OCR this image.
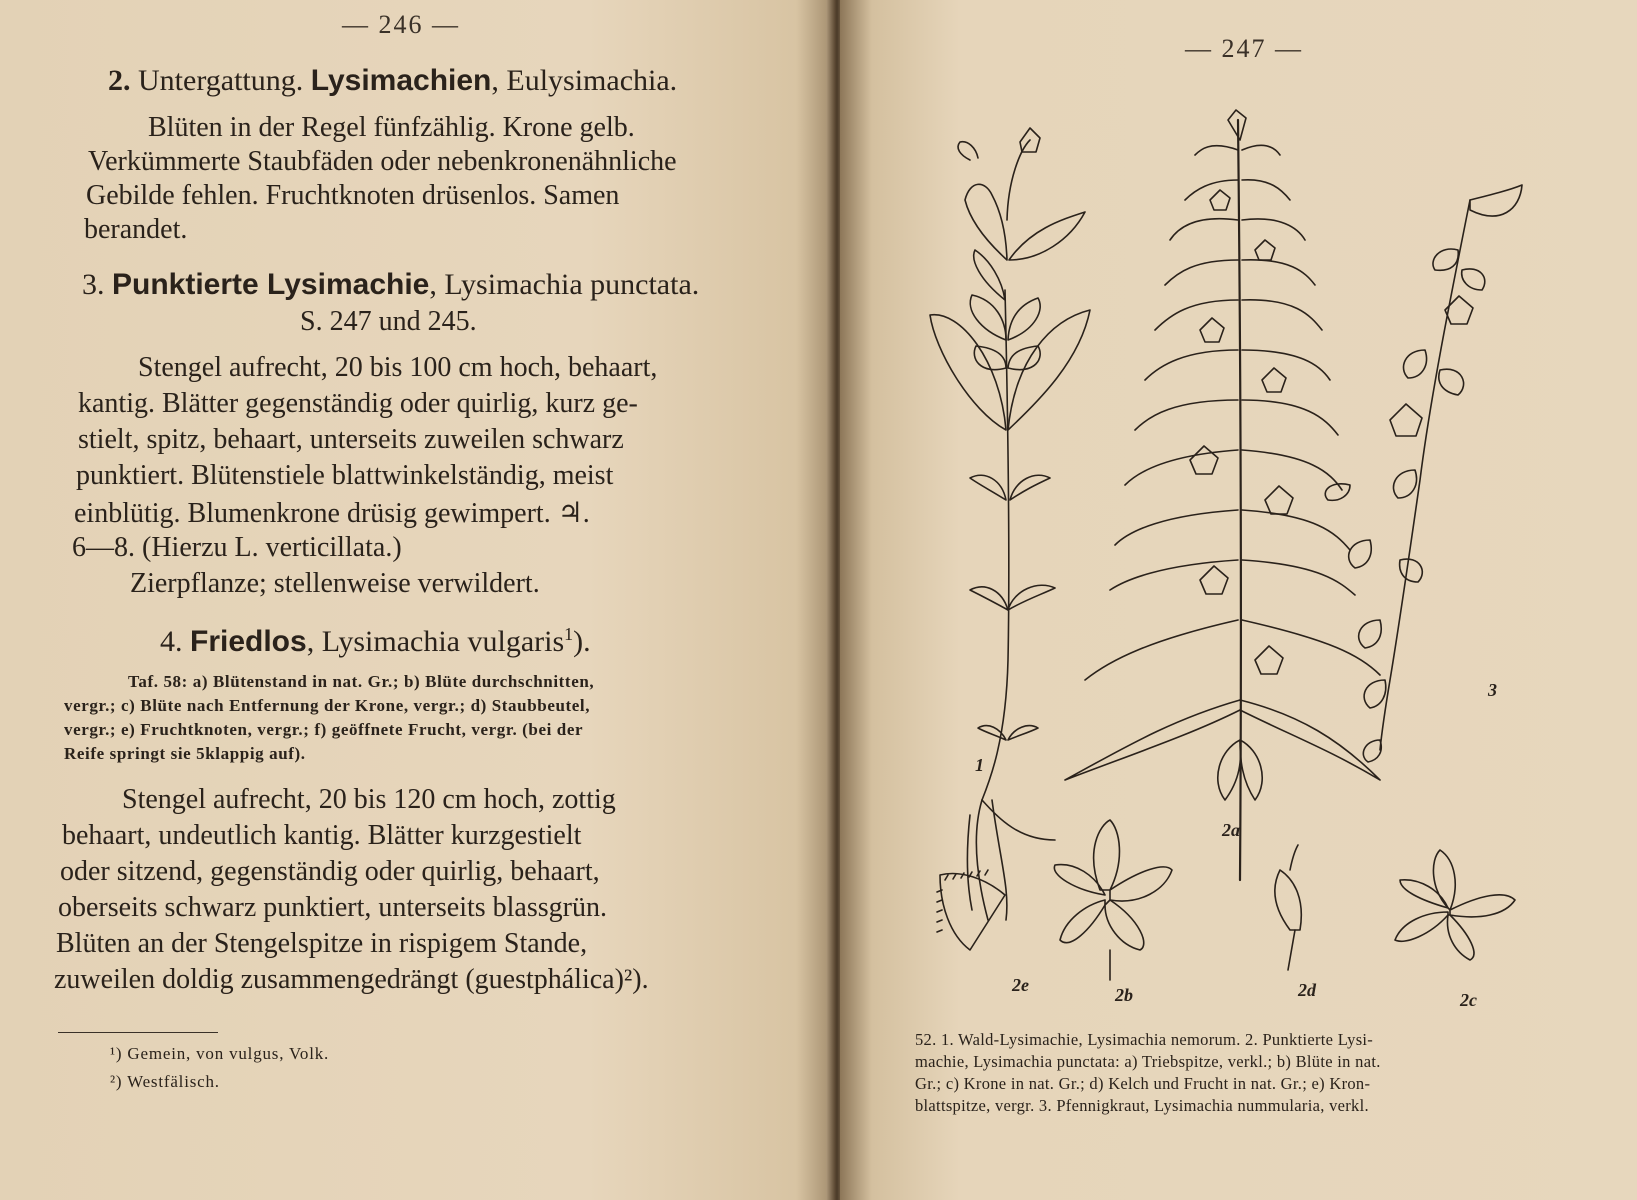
— 246 —
2. Untergattung. Lysimachien, Eulysimachia.
Blüten in der Regel fünfzählig. Krone gelb.
Verkümmerte Staubfäden oder nebenkronenähnliche
Gebilde fehlen. Fruchtknoten drüsenlos. Samen
berandet.
3. Punktierte Lysimachie, Lysimachia punctata.
S. 247 und 245.
Stengel aufrecht, 20 bis 100 cm hoch, behaart,
kantig. Blätter gegenständig oder quirlig, kurz ge-
stielt, spitz, behaart, unterseits zuweilen schwarz
punktiert. Blütenstiele blattwinkelständig, meist
einblütig. Blumenkrone drüsig gewimpert. ♃.
6—8. (Hierzu L. verticillata.)
Zierpflanze; stellenweise verwildert.
4. Friedlos, Lysimachia vulgaris$^1$).
Taf. 58: a) Blütenstand in nat. Gr.; b) Blüte durchschnitten,
vergr.; c) Blüte nach Entfernung der Krone, vergr.; d) Staubbeutel,
vergr.; e) Fruchtknoten, vergr.; f) geöffnete Frucht, vergr. (bei der
Reife springt sie 5klappig auf).
Stengel aufrecht, 20 bis 120 cm hoch, zottig
behaart, undeutlich kantig. Blätter kurzgestielt
oder sitzend, gegenständig oder quirlig, behaart,
oberseits schwarz punktiert, unterseits blassgrün.
Blüten an der Stengelspitze in rispigem Stande,
zuweilen doldig zusammengedrängt (guestphálica)²).
¹) Gemein, von vulgus, Volk.
²) Westfälisch.
— 247 —
1
2a
3
2e	2b	2d	2c
52. 1. Wald-Lysimachie, Lysimachia nemorum. 2. Punktierte Lysi-
machie, Lysimachia punctata: a) Triebspitze, verkl.; b) Blüte in nat.
Gr.; c) Krone in nat. Gr.; d) Kelch und Frucht in nat. Gr.; e) Kron-
blattspitze, vergr. 3. Pfennigkraut, Lysimachia nummularia, verkl.
